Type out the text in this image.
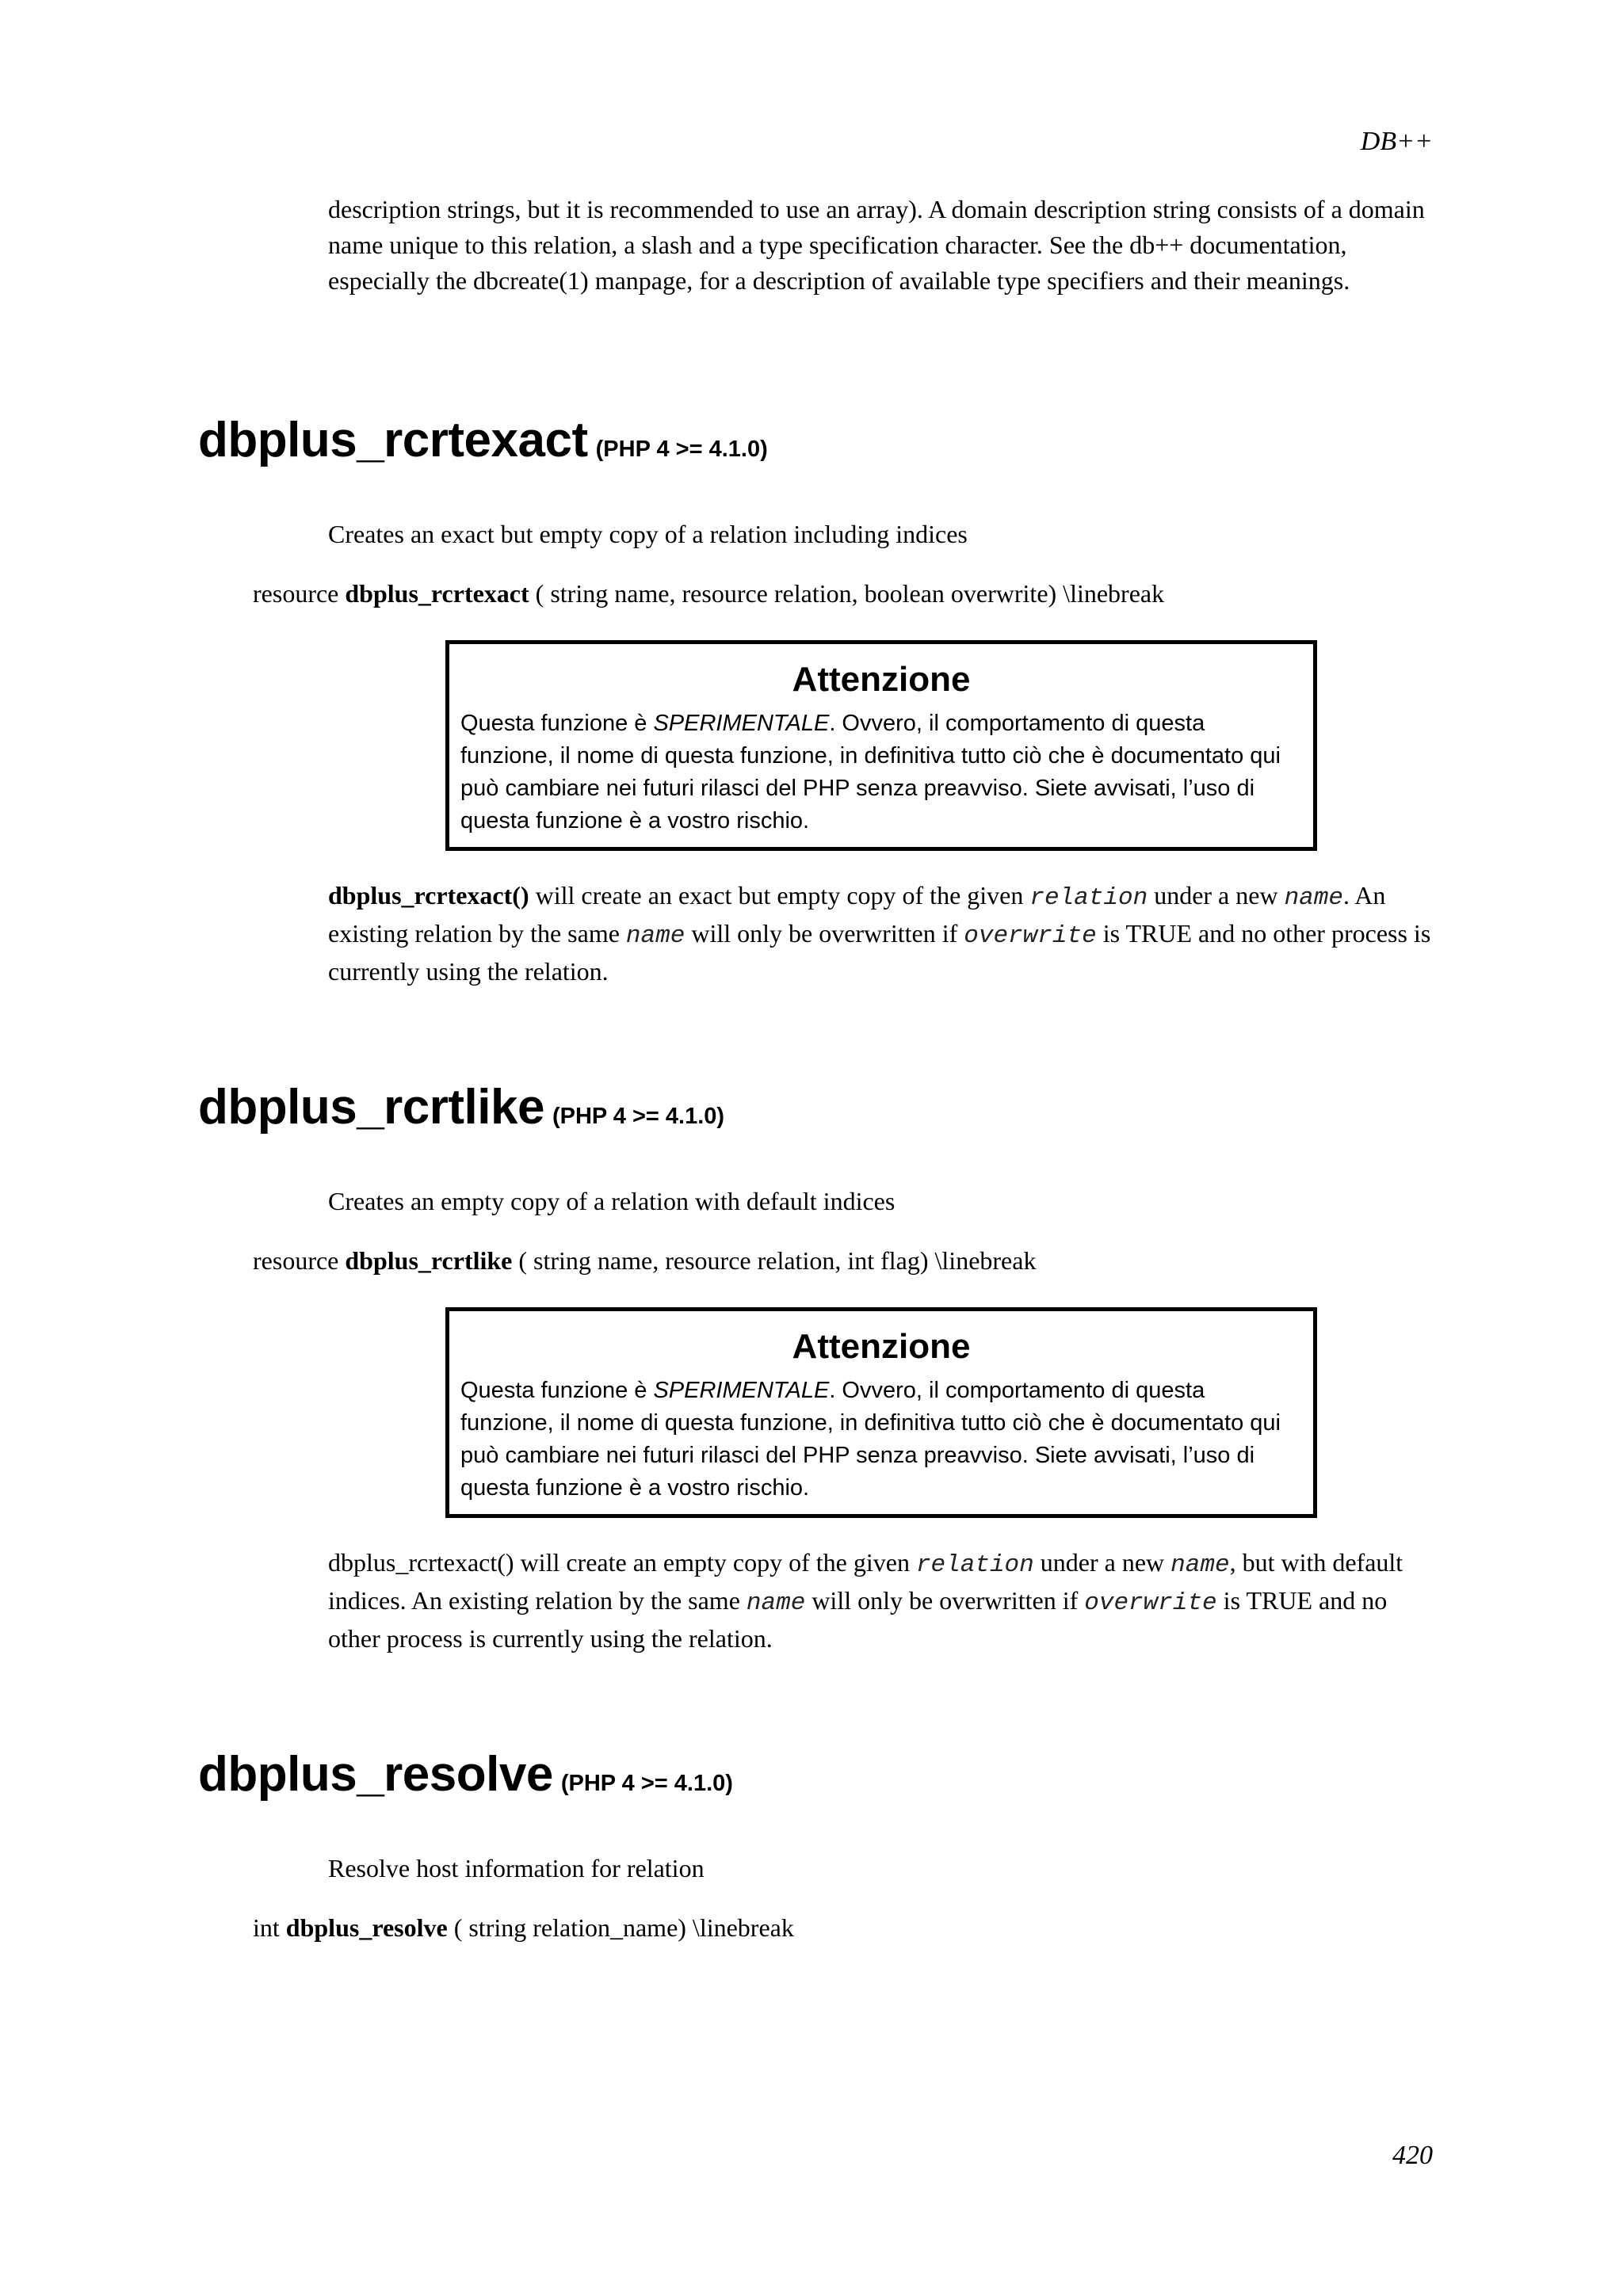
DB++

description strings, but it is recommended to use an array). A domain description string consists of a domain name unique to this relation, a slash and a type specification character. See the db++ documentation, especially the dbcreate(1) manpage, for a description of available type specifiers and their meanings.

dbplus_rcrtexact (PHP 4 >= 4.1.0)

Creates an exact but empty copy of a relation including indices

resource dbplus_rcrtexact ( string name, resource relation, boolean overwrite) \linebreak

Attenzione

Questa funzione è SPERIMENTALE. Ovvero, il comportamento di questa funzione, il nome di questa funzione, in definitiva tutto ciò che è documentato qui può cambiare nei futuri rilasci del PHP senza preavviso. Siete avvisati, l’uso di questa funzione è a vostro rischio.

dbplus_rcrtexact() will create an exact but empty copy of the given relation under a new name. An existing relation by the same name will only be overwritten if overwrite is TRUE and no other process is currently using the relation.

dbplus_rcrtlike (PHP 4 >= 4.1.0)

Creates an empty copy of a relation with default indices

resource dbplus_rcrtlike ( string name, resource relation, int flag) \linebreak

Attenzione

Questa funzione è SPERIMENTALE. Ovvero, il comportamento di questa funzione, il nome di questa funzione, in definitiva tutto ciò che è documentato qui può cambiare nei futuri rilasci del PHP senza preavviso. Siete avvisati, l’uso di questa funzione è a vostro rischio.

dbplus_rcrtexact() will create an empty copy of the given relation under a new name, but with default indices. An existing relation by the same name will only be overwritten if overwrite is TRUE and no other process is currently using the relation.

dbplus_resolve (PHP 4 >= 4.1.0)

Resolve host information for relation

int dbplus_resolve ( string relation_name) \linebreak

420
